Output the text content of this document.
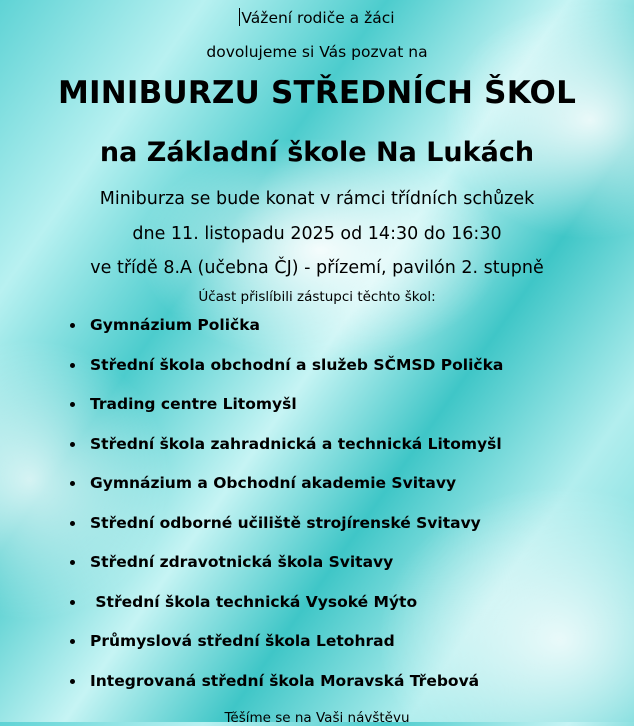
Vážení rodiče a žáci
dovolujeme si Vás pozvat na
MINIBURZU STŘEDNÍCH ŠKOL
na Základní škole Na Lukách
Miniburza se bude konat v rámci třídních schůzek
dne 11. listopadu 2025 od 14:30 do 16:30
ve třídě 8.A (učebna ČJ) - přízemí, pavilón 2. stupně
Účast přislíbili zástupci těchto škol:
Gymnázium Polička
Střední škola obchodní a služeb SČMSD Polička
Trading centre Litomyšl
Střední škola zahradnická a technická Litomyšl
Gymnázium a Obchodní akademie Svitavy
Střední odborné učiliště strojírenské Svitavy
Střední zdravotnická škola Svitavy
Střední škola technická Vysoké Mýto
Průmyslová střední škola Letohrad
Integrovaná střední škola Moravská Třebová
Těšíme se na Vaši návštěvu
